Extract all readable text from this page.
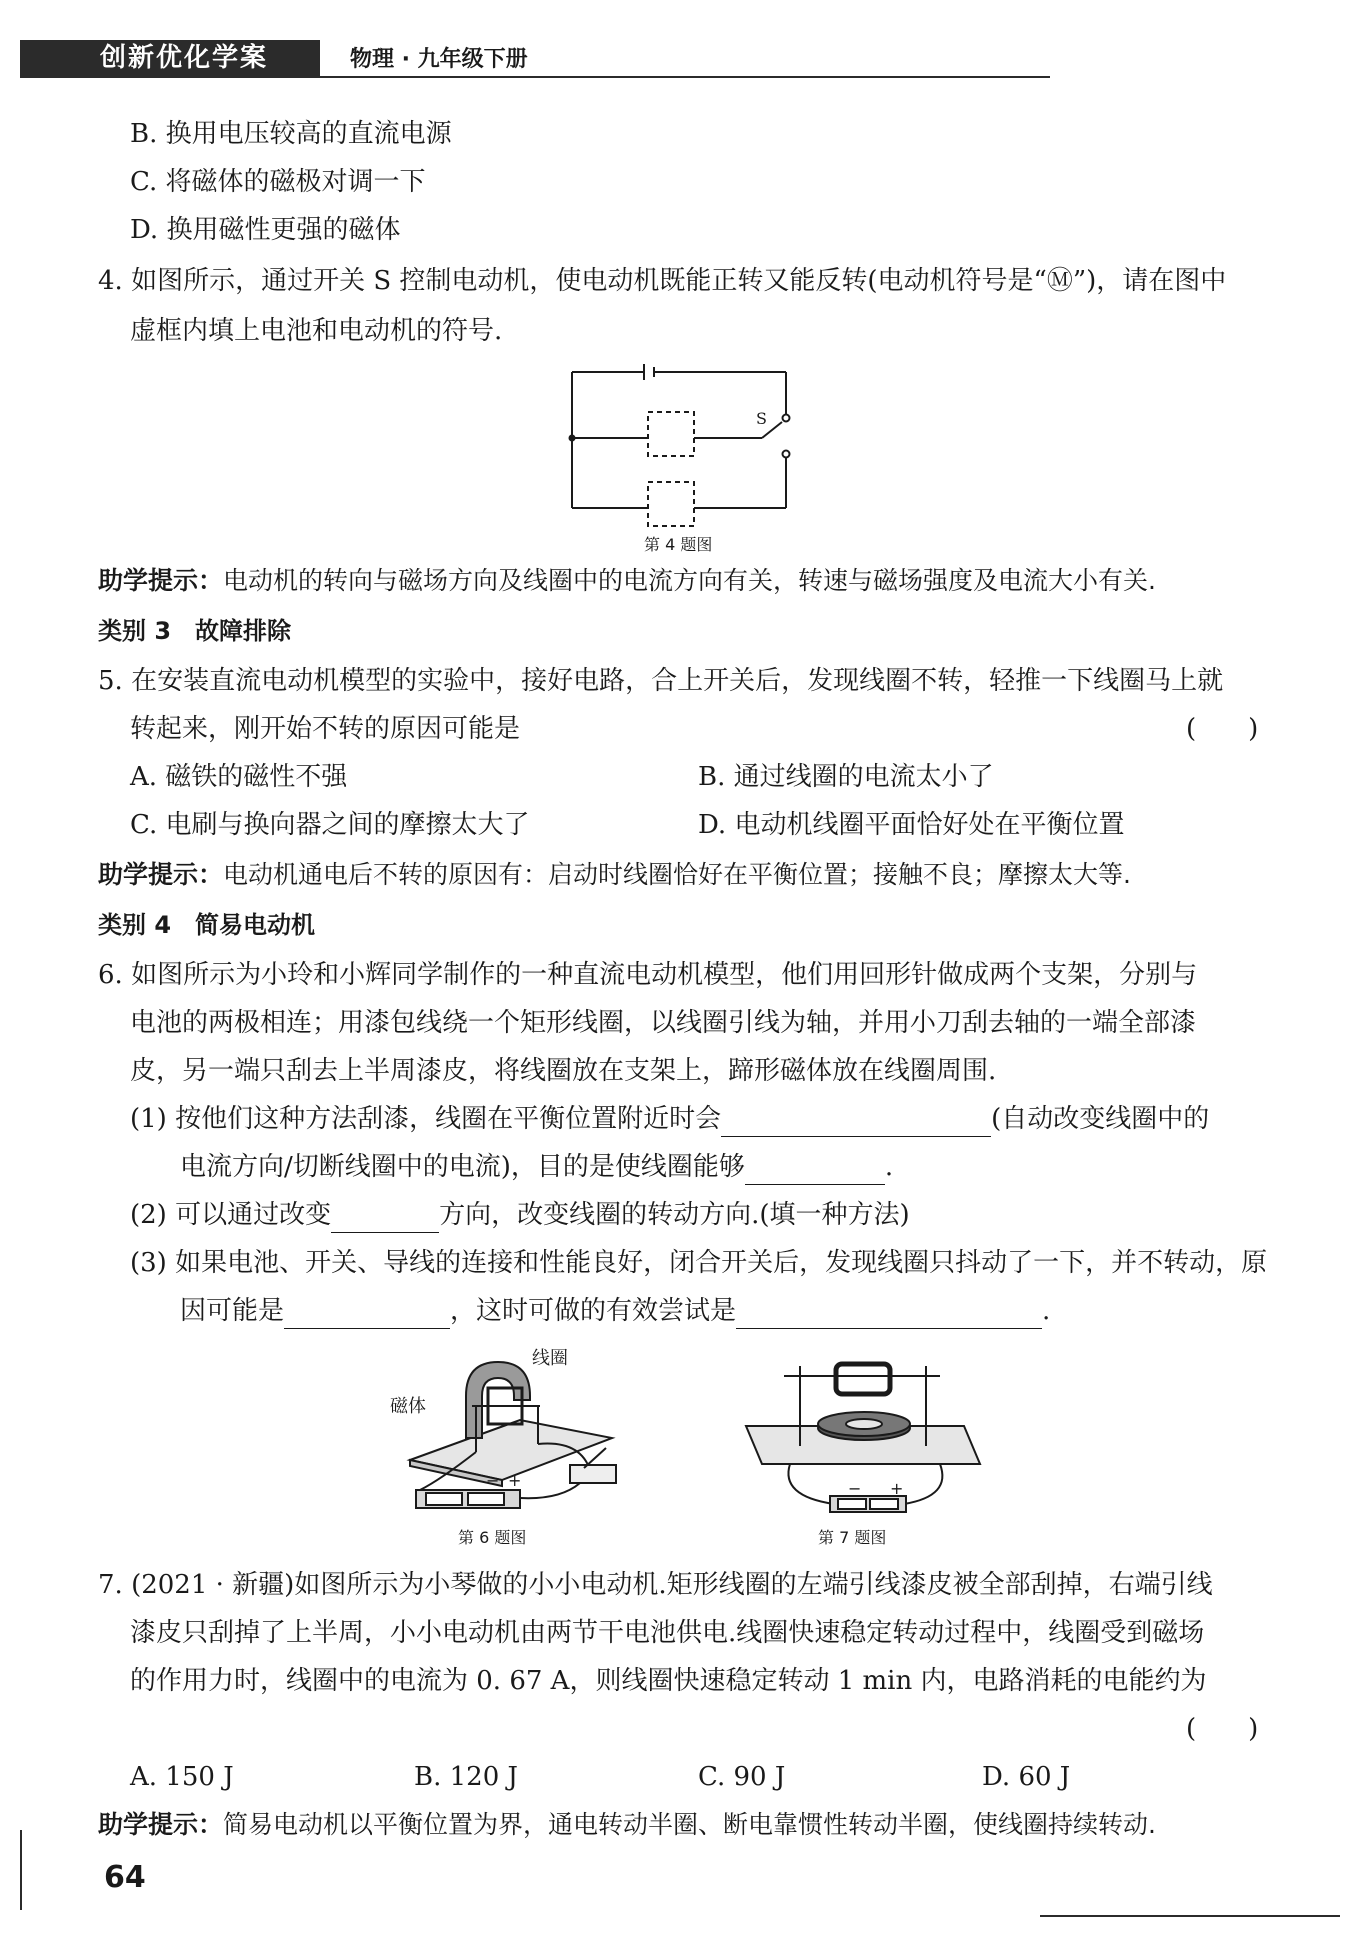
创新优化学案	物理 · 九年级下册
B. 换用电压较高的直流电源
C. 将磁体的磁极对调一下
D. 换用磁性更强的磁体
4. 如图所示，通过开关 S 控制电动机，使电动机既能正转又能反转(电动机符号是“Ⓜ”)，请在图中
虚框内填上电池和电动机的符号.
S
第 4 题图
助学提示：电动机的转向与磁场方向及线圈中的电流方向有关，转速与磁场强度及电流大小有关.
类别 3　故障排除
5. 在安装直流电动机模型的实验中，接好电路，合上开关后，发现线圈不转，轻推一下线圈马上就
转起来，刚开始不转的原因可能是	(　　)
A. 磁铁的磁性不强	B. 通过线圈的电流太小了
C. 电刷与换向器之间的摩擦太大了	D. 电动机线圈平面恰好处在平衡位置
助学提示：电动机通电后不转的原因有：启动时线圈恰好在平衡位置；接触不良；摩擦太大等.
类别 4　简易电动机
6. 如图所示为小玲和小辉同学制作的一种直流电动机模型，他们用回形针做成两个支架，分别与
电池的两极相连；用漆包线绕一个矩形线圈，以线圈引线为轴，并用小刀刮去轴的一端全部漆
皮，另一端只刮去上半周漆皮，将线圈放在支架上，蹄形磁体放在线圈周围.
(1) 按他们这种方法刮漆，线圈在平衡位置附近时会	(自动改变线圈中的
电流方向/切断线圈中的电流)，目的是使线圈能够	.
(2) 可以通过改变	方向，改变线圈的转动方向.(填一种方法)
(3) 如果电池、开关、导线的连接和性能良好，闭合开关后，发现线圈只抖动了一下，并不转动，原
因可能是	，这时可做的有效尝试是	.
− +
线圈
磁体
第 6 题图
− +
第 7 题图
7. (2021 · 新疆)如图所示为小琴做的小小电动机.矩形线圈的左端引线漆皮被全部刮掉，右端引线
漆皮只刮掉了上半周，小小电动机由两节干电池供电.线圈快速稳定转动过程中，线圈受到磁场
的作用力时，线圈中的电流为 0. 67 A，则线圈快速稳定转动 1 min 内，电路消耗的电能约为
(　　)
A. 150 J	B. 120 J	C. 90 J	D. 60 J
助学提示：简易电动机以平衡位置为界，通电转动半圈、断电靠惯性转动半圈，使线圈持续转动.
64
